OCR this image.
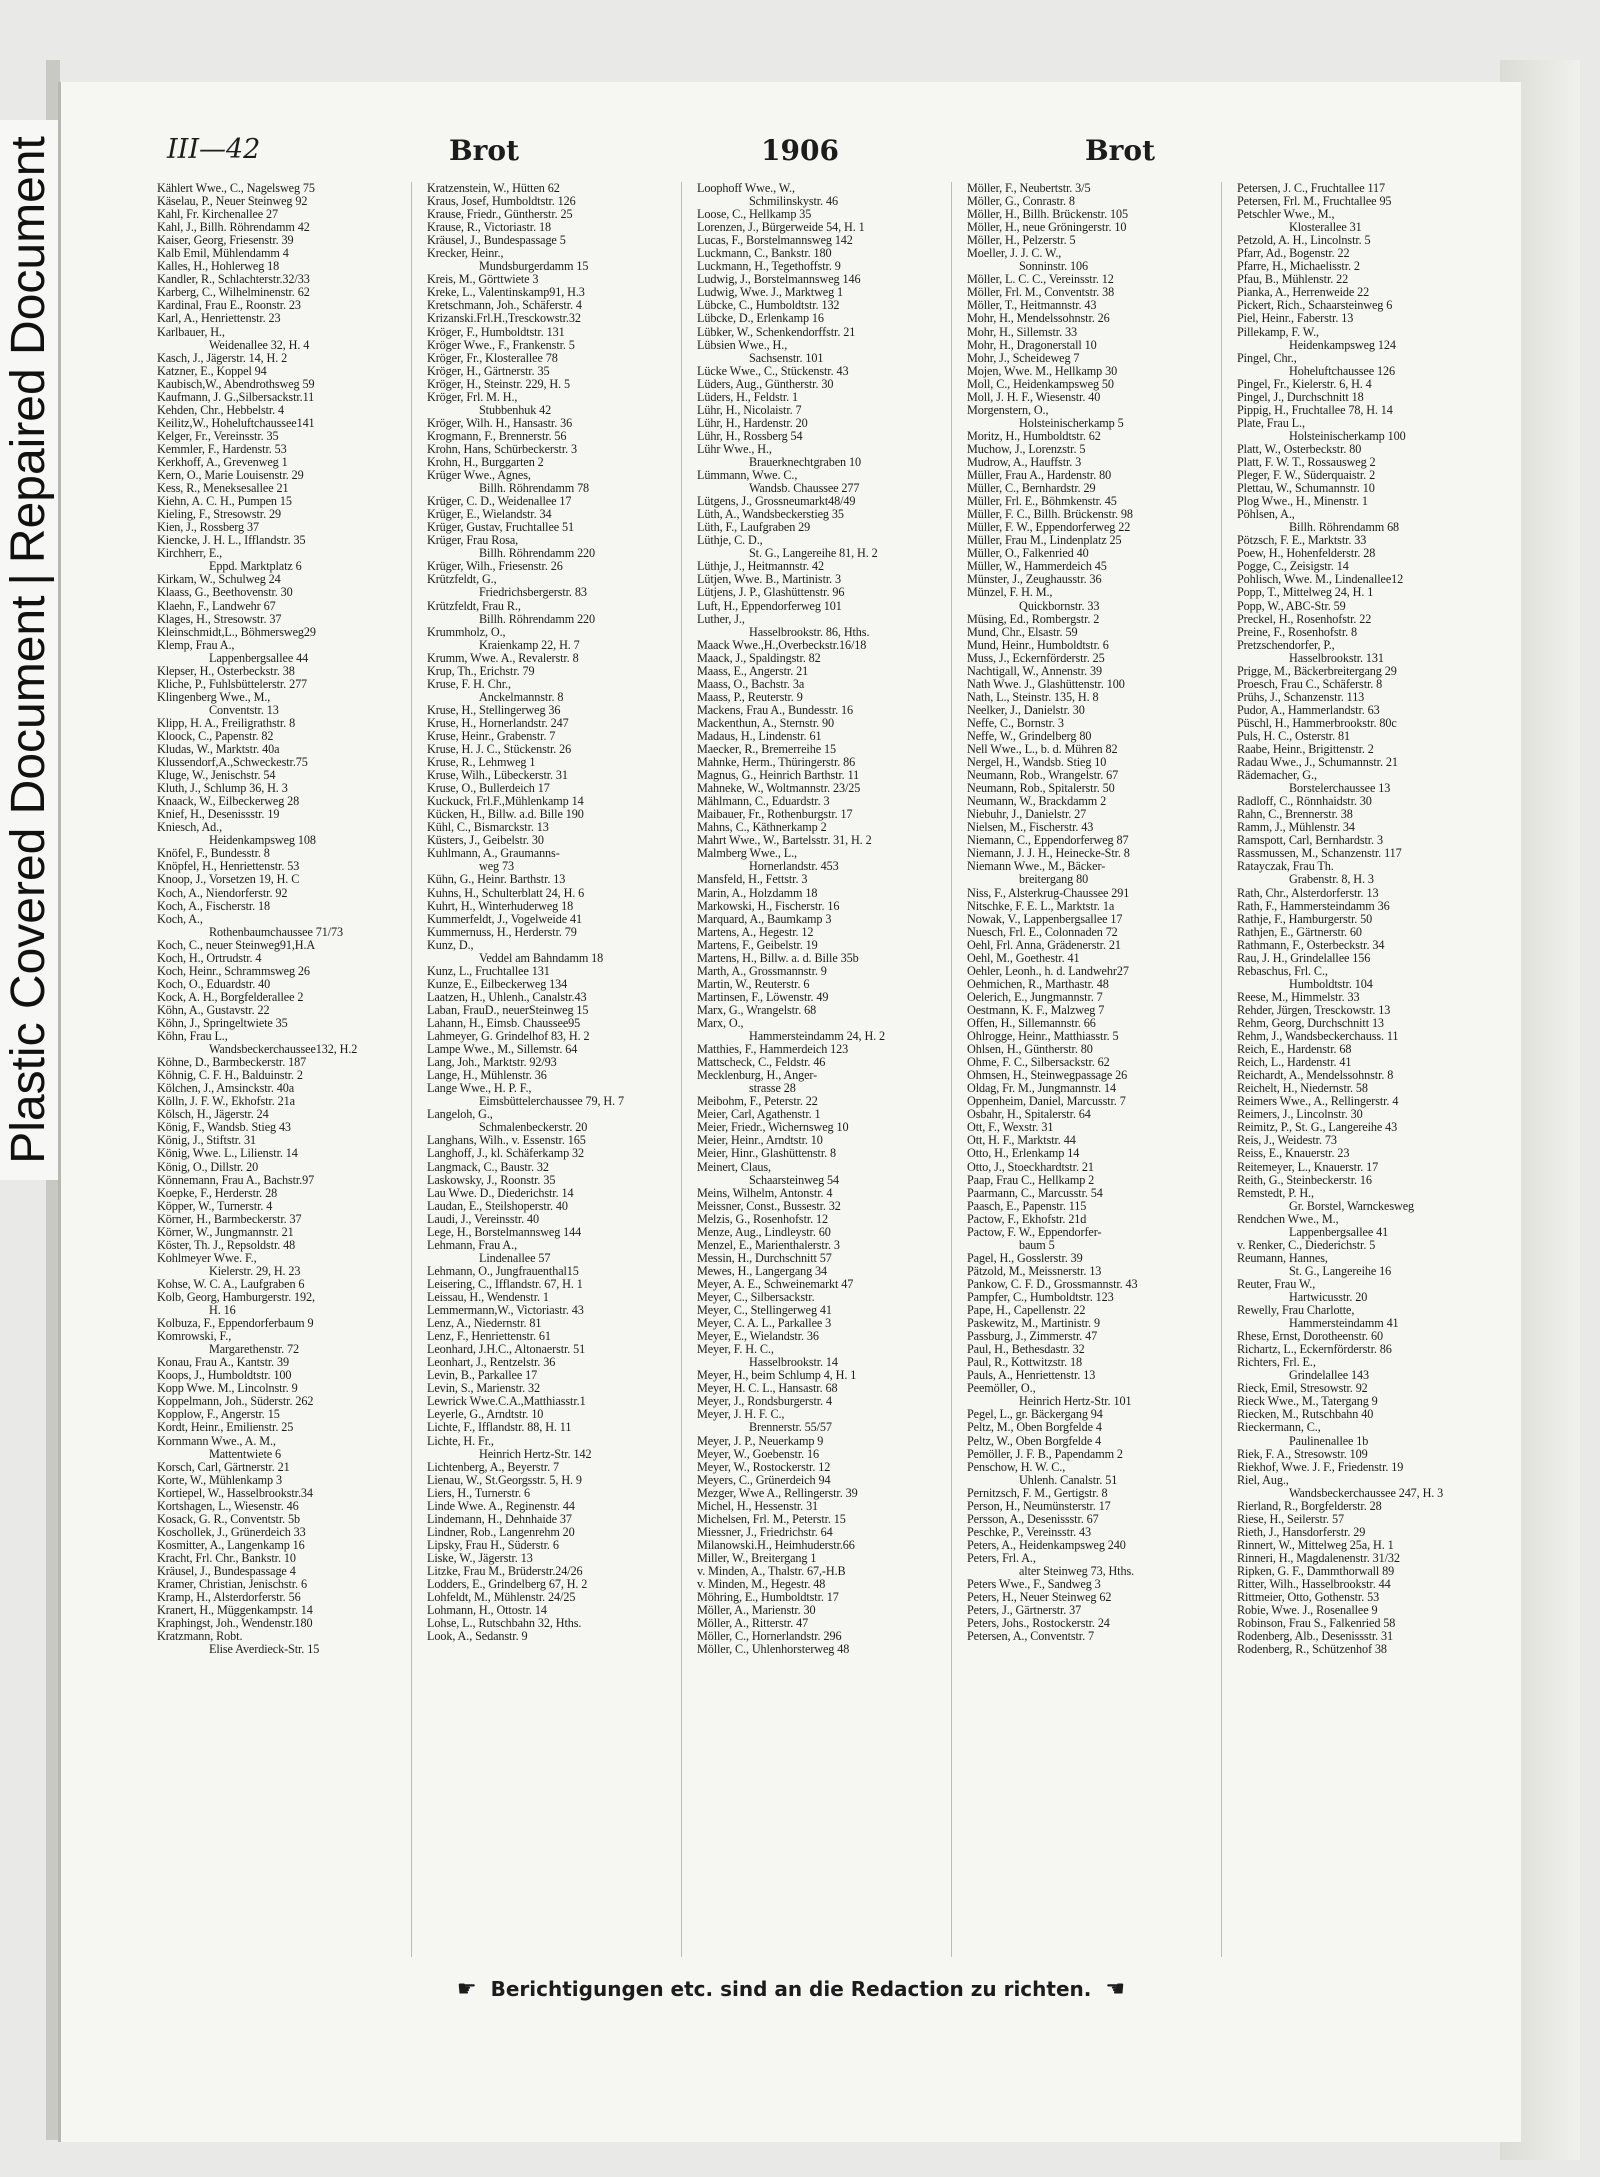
Plastic Covered Document|Repaired Document	III—42	Brot	1906	Brot
Kählert Wwe., C., Nagelsweg 75
Käselau, P., Neuer Steinweg 92
Kahl, Fr. Kirchenallee 27
Kahl, J., Billh. Röhrendamm 42
Kaiser, Georg, Friesenstr. 39
Kalb Emil, Mühlendamm 4
Kalles, H., Hohlerweg 18
Kandler, R., Schlachterstr.32/33
Karberg, C., Wilhelminenstr. 62
Kardinal, Frau E., Roonstr. 23
Karl, A., Henriettenstr. 23
Karlbauer, H.,
Weidenallee 32, H. 4
Kasch, J., Jägerstr. 14, H. 2
Katzner, E., Koppel 94
Kaubisch,W., Abendrothsweg 59
Kaufmann, J. G.,Silbersackstr.11
Kehden, Chr., Hebbelstr. 4
Keilitz,W., Hoheluftchaussee141
Kelger, Fr., Vereinsstr. 35
Kemmler, F., Hardenstr. 53
Kerkhoff, A., Grevenweg 1
Kern, O., Marie Louisenstr. 29
Kess, R., Meneksesallee 21
Kiehn, A. C. H., Pumpen 15
Kieling, F., Stresowstr. 29
Kien, J., Rossberg 37
Kiencke, J. H. L., Ifflandstr. 35
Kirchherr, E.,
Eppd. Marktplatz 6
Kirkam, W., Schulweg 24
Klaass, G., Beethovenstr. 30
Klaehn, F., Landwehr 67
Klages, H., Stresowstr. 37
Kleinschmidt,L., Böhmersweg29
Klemp, Frau A.,
Lappenbergsallee 44
Klepser, H., Osterbeckstr. 38
Kliche, P., Fuhlsbüttelerstr. 277
Klingenberg Wwe., M.,
Conventstr. 13
Klipp, H. A., Freiligrathstr. 8
Kloock, C., Papenstr. 82
Kludas, W., Marktstr. 40a
Klussendorf,A.,Schweckestr.75
Kluge, W., Jenischstr. 54
Kluth, J., Schlump 36, H. 3
Knaack, W., Eilbeckerweg 28
Knief, H., Desenissstr. 19
Kniesch, Ad.,
Heidenkampsweg 108
Knöfel, F., Bundesstr. 8
Knöpfel, H., Henriettenstr. 53
Knoop, J., Vorsetzen 19, H. C
Koch, A., Niendorferstr. 92
Koch, A., Fischerstr. 18
Koch, A.,
Rothenbaumchaussee 71/73
Koch, C., neuer Steinweg91,H.A
Koch, H., Ortrudstr. 4
Koch, Heinr., Schrammsweg 26
Koch, O., Eduardstr. 40
Kock, A. H., Borgfelderallee 2
Köhn, A., Gustavstr. 22
Köhn, J., Springeltwiete 35
Köhn, Frau L.,
Wandsbeckerchaussee132, H.2
Köhne, D., Barmbeckerstr. 187
Köhnig, C. F. H., Balduinstr. 2
Kölchen, J., Amsinckstr. 40a
Kölln, J. F. W., Ekhofstr. 21a
Kölsch, H., Jägerstr. 24
König, F., Wandsb. Stieg 43
König, J., Stiftstr. 31
König, Wwe. L., Lilienstr. 14
König, O., Dillstr. 20
Könnemann, Frau A., Bachstr.97
Koepke, F., Herderstr. 28
Köpper, W., Turnerstr. 4
Körner, H., Barmbeckerstr. 37
Körner, W., Jungmannstr. 21
Köster, Th. J., Repsoldstr. 48
Kohlmeyer Wwe. F.,
Kielerstr. 29, H. 23
Kohse, W. C. A., Laufgraben 6
Kolb, Georg, Hamburgerstr. 192,
H. 16
Kolbuza, F., Eppendorferbaum 9
Komrowski, F.,
Margarethenstr. 72
Konau, Frau A., Kantstr. 39
Koops, J., Humboldtstr. 100
Kopp Wwe. M., Lincolnstr. 9
Koppelmann, Joh., Süderstr. 262
Kopplow, F., Angerstr. 15
Kordt, Heinr., Emilienstr. 25
Kornmann Wwe., A. M.,
Mattentwiete 6
Korsch, Carl, Gärtnerstr. 21
Korte, W., Mühlenkamp 3
Kortiepel, W., Hasselbrookstr.34
Kortshagen, L., Wiesenstr. 46
Kosack, G. R., Conventstr. 5b
Koschollek, J., Grünerdeich 33
Kosmitter, A., Langenkamp 16
Kracht, Frl. Chr., Bankstr. 10
Kräusel, J., Bundespassage 4
Kramer, Christian, Jenischstr. 6
Kramp, H., Alsterdorferstr. 56
Kranert, H., Müggenkampstr. 14
Kraphingst, Joh., Wendenstr.180
Kratzmann, Robt.
Elise Averdieck-Str. 15
Kratzenstein, W., Hütten 62
Kraus, Josef, Humboldtstr. 126
Krause, Friedr., Güntherstr. 25
Krause, R., Victoriastr. 18
Kräusel, J., Bundespassage 5
Krecker, Heinr.,
Mundsburgerdamm 15
Kreis, M., Görttwiete 3
Kreke, L., Valentinskamp91, H.3
Kretschmann, Joh., Schäferstr. 4
Krizanski.Frl.H.,Tresckowstr.32
Kröger, F., Humboldtstr. 131
Kröger Wwe., F., Frankenstr. 5
Kröger, Fr., Klosterallee 78
Kröger, H., Gärtnerstr. 35
Kröger, H., Steinstr. 229, H. 5
Kröger, Frl. M. H.,
Stubbenhuk 42
Kröger, Wilh. H., Hansastr. 36
Krogmann, F., Brennerstr. 56
Krohn, Hans, Schürbeckerstr. 3
Krohn, H., Burggarten 2
Krüger Wwe., Agnes,
Billh. Röhrendamm 78
Krüger, C. D., Weidenallee 17
Krüger, E., Wielandstr. 34
Krüger, Gustav, Fruchtallee 51
Krüger, Frau Rosa,
Billh. Röhrendamm 220
Krüger, Wilh., Friesenstr. 26
Krützfeldt, G.,
Friedrichsbergerstr. 83
Krützfeldt, Frau R.,
Billh. Röhrendamm 220
Krummholz, O.,
Kraienkamp 22, H. 7
Krumm, Wwe. A., Revalerstr. 8
Krup, Th., Erichstr. 79
Kruse, F. H. Chr.,
Anckelmannstr. 8
Kruse, H., Stellingerweg 36
Kruse, H., Hornerlandstr. 247
Kruse, Heinr., Grabenstr. 7
Kruse, H. J. C., Stückenstr. 26
Kruse, R., Lehmweg 1
Kruse, Wilh., Lübeckerstr. 31
Kruse, O., Bullerdeich 17
Kuckuck, Frl.F.,Mühlenkamp 14
Kücken, H., Billw. a.d. Bille 190
Kühl, C., Bismarckstr. 13
Küsters, J., Geibelstr. 30
Kuhlmann, A., Graumanns-
weg 73
Kühn, G., Heinr. Barthstr. 13
Kuhns, H., Schulterblatt 24, H. 6
Kuhrt, H., Winterhuderweg 18
Kummerfeldt, J., Vogelweide 41
Kummernuss, H., Herderstr. 79
Kunz, D.,
Veddel am Bahndamm 18
Kunz, L., Fruchtallee 131
Kunze, E., Eilbeckerweg 134
Laatzen, H., Uhlenh., Canalstr.43
Laban, FrauD., neuerSteinweg 15
Lahann, H., Eimsb. Chaussee95
Lahmeyer, G. Grindelhof 83, H. 2
Lampe Wwe., M., Sillemstr. 64
Lang, Joh., Marktstr. 92/93
Lange, H., Mühlenstr. 36
Lange Wwe., H. P. F.,
Eimsbüttelerchaussee 79, H. 7
Langeloh, G.,
Schmalenbeckerstr. 20
Langhans, Wilh., v. Essenstr. 165
Langhoff, J., kl. Schäferkamp 32
Langmack, C., Baustr. 32
Laskowsky, J., Roonstr. 35
Lau Wwe. D., Diederichstr. 14
Laudan, E., Steilshoperstr. 40
Laudi, J., Vereinsstr. 40
Lege, H., Borstelmannsweg 144
Lehmann, Frau A.,
Lindenallee 57
Lehmann, O., Jungfrauenthal15
Leisering, C., Ifflandstr. 67, H. 1
Leissau, H., Wendenstr. 1
Lemmermann,W., Victoriastr. 43
Lenz, A., Niedernstr. 81
Lenz, F., Henriettenstr. 61
Leonhard, J.H.C., Altonaerstr. 51
Leonhart, J., Rentzelstr. 36
Levin, B., Parkallee 17
Levin, S., Marienstr. 32
Lewrick Wwe.C.A.,Matthiasstr.1
Leyerle, G., Arndtstr. 10
Lichte, F., Ifflandstr. 88, H. 11
Lichte, H. Fr.,
Heinrich Hertz-Str. 142
Lichtenberg, A., Beyerstr. 7
Lienau, W., St.Georgsstr. 5, H. 9
Liers, H., Turnerstr. 6
Linde Wwe. A., Reginenstr. 44
Lindemann, H., Dehnhaide 37
Lindner, Rob., Langenrehm 20
Lipsky, Frau H., Süderstr. 6
Liske, W., Jägerstr. 13
Litzke, Frau M., Brüderstr.24/26
Lodders, E., Grindelberg 67, H. 2
Lohfeldt, M., Mühlenstr. 24/25
Lohmann, H., Ottostr. 14
Lohse, L., Rutschbahn 32, Hths.
Look, A., Sedanstr. 9
Loophoff Wwe., W.,
Schmilinskystr. 46
Loose, C., Hellkamp 35
Lorenzen, J., Bürgerweide 54, H. 1
Lucas, F., Borstelmannsweg 142
Luckmann, C., Bankstr. 180
Luckmann, H., Tegethoffstr. 9
Ludwig, J., Borstelmannsweg 146
Ludwig, Wwe. J., Marktweg 1
Lübcke, C., Humboldtstr. 132
Lübcke, D., Erlenkamp 16
Lübker, W., Schenkendorffstr. 21
Lübsien Wwe., H.,
Sachsenstr. 101
Lücke Wwe., C., Stückenstr. 43
Lüders, Aug., Güntherstr. 30
Lüders, H., Feldstr. 1
Lühr, H., Nicolaistr. 7
Lühr, H., Hardenstr. 20
Lühr, H., Rossberg 54
Lühr Wwe., H.,
Brauerknechtgraben 10
Lümmann, Wwe. C.,
Wandsb. Chaussee 277
Lütgens, J., Grossneumarkt48/49
Lüth, A., Wandsbeckerstieg 35
Lüth, F., Laufgraben 29
Lüthje, C. D.,
St. G., Langereihe 81, H. 2
Lüthje, J., Heitmannstr. 42
Lütjen, Wwe. B., Martinistr. 3
Lütjens, J. P., Glashüttenstr. 96
Luft, H., Eppendorferweg 101
Luther, J.,
Hasselbrookstr. 86, Hths.
Maack Wwe.,H.,Overbeckstr.16/18
Maack, J., Spaldingstr. 82
Maass, E., Angerstr. 21
Maass, O., Bachstr. 3a
Maass, P., Reuterstr. 9
Mackens, Frau A., Bundesstr. 16
Mackenthun, A., Sternstr. 90
Madaus, H., Lindenstr. 61
Maecker, R., Bremerreihe 15
Mahnke, Herm., Thüringerstr. 86
Magnus, G., Heinrich Barthstr. 11
Mahneke, W., Woltmannstr. 23/25
Mählmann, C., Eduardstr. 3
Maibauer, Fr., Rothenburgstr. 17
Mahns, C., Käthnerkamp 2
Mahrt Wwe., W., Bartelsstr. 31, H. 2
Malmberg Wwe., L.,
Hornerlandstr. 453
Mansfeld, H., Fettstr. 3
Marin, A., Holzdamm 18
Markowski, H., Fischerstr. 16
Marquard, A., Baumkamp 3
Martens, A., Hegestr. 12
Martens, F., Geibelstr. 19
Martens, H., Billw. a. d. Bille 35b
Marth, A., Grossmannstr. 9
Martin, W., Reuterstr. 6
Martinsen, F., Löwenstr. 49
Marx, G., Wrangelstr. 68
Marx, O.,
Hammersteindamm 24, H. 2
Matthies, F., Hammerdeich 123
Mattscheck, C., Feldstr. 46
Mecklenburg, H., Anger-
strasse 28
Meibohm, F., Peterstr. 22
Meier, Carl, Agathenstr. 1
Meier, Friedr., Wichernsweg 10
Meier, Heinr., Arndtstr. 10
Meier, Hinr., Glashüttenstr. 8
Meinert, Claus,
Schaarsteinweg 54
Meins, Wilhelm, Antonstr. 4
Meissner, Const., Bussestr. 32
Melzis, G., Rosenhofstr. 12
Menze, Aug., Lindleystr. 60
Menzel, E., Marienthalerstr. 3
Messin, H., Durchschnitt 57
Mewes, H., Langergang 34
Meyer, A. E., Schweinemarkt 47
Meyer, C., Silbersackstr.
Meyer, C., Stellingerweg 41
Meyer, C. A. L., Parkallee 3
Meyer, E., Wielandstr. 36
Meyer, F. H. C.,
Hasselbrookstr. 14
Meyer, H., beim Schlump 4, H. 1
Meyer, H. C. L., Hansastr. 68
Meyer, J., Rondsburgerstr. 4
Meyer, J. H. F. C.,
Brennerstr. 55/57
Meyer, J. P., Neuerkamp 9
Meyer, W., Goebenstr. 16
Meyer, W., Rostockerstr. 12
Meyers, C., Grünerdeich 94
Mezger, Wwe A., Rellingerstr. 39
Michel, H., Hessenstr. 31
Michelsen, Frl. M., Peterstr. 15
Miessner, J., Friedrichstr. 64
Milanowski.H., Heimhuderstr.66
Miller, W., Breitergang 1
v. Minden, A., Thalstr. 67,-H.B
v. Minden, M., Hegestr. 48
Möhring, E., Humboldtstr. 17
Möller, A., Marienstr. 30
Möller, A., Ritterstr. 47
Möller, C., Hornerlandstr. 296
Möller, C., Uhlenhorsterweg 48
Möller, F., Neubertstr. 3/5
Möller, G., Conrastr. 8
Möller, H., Billh. Brückenstr. 105
Möller, H., neue Gröningerstr. 10
Möller, H., Pelzerstr. 5
Moeller, J. J. C. W.,
Sonninstr. 106
Möller, L. C. C., Vereinsstr. 12
Möller, Frl. M., Conventstr. 38
Möller, T., Heitmannstr. 43
Mohr, H., Mendelssohnstr. 26
Mohr, H., Sillemstr. 33
Mohr, H., Dragonerstall 10
Mohr, J., Scheideweg 7
Mojen, Wwe. M., Hellkamp 30
Moll, C., Heidenkampsweg 50
Moll, J. H. F., Wiesenstr. 40
Morgenstern, O.,
Holsteinischerkamp 5
Moritz, H., Humboldtstr. 62
Muchow, J., Lorenzstr. 5
Mudrow, A., Hauffstr. 3
Müller, Frau A., Hardenstr. 80
Müller, C., Bernhardstr. 29
Müller, Frl. E., Böhmkenstr. 45
Müller, F. C., Billh. Brückenstr. 98
Müller, F. W., Eppendorferweg 22
Müller, Frau M., Lindenplatz 25
Müller, O., Falkenried 40
Müller, W., Hammerdeich 45
Münster, J., Zeughausstr. 36
Münzel, F. H. M.,
Quickbornstr. 33
Müsing, Ed., Rombergstr. 2
Mund, Chr., Elsastr. 59
Mund, Heinr., Humboldtstr. 6
Muss, J., Eckernförderstr. 25
Nachtigall, W., Annenstr. 39
Nath Wwe. J., Glashüttenstr. 100
Nath, L., Steinstr. 135, H. 8
Neelker, J., Danielstr. 30
Neffe, C., Bornstr. 3
Neffe, W., Grindelberg 80
Nell Wwe., L., b. d. Mühren 82
Nergel, H., Wandsb. Stieg 10
Neumann, Rob., Wrangelstr. 67
Neumann, Rob., Spitalerstr. 50
Neumann, W., Brackdamm 2
Niebuhr, J., Danielstr. 27
Nielsen, M., Fischerstr. 43
Niemann, C., Eppendorferweg 87
Niemann, J. J. H., Heinecke-Str. 8
Niemann Wwe., M., Bäcker-
breitergang 80
Niss, F., Alsterkrug-Chaussee 291
Nitschke, F. E. L., Marktstr. 1a
Nowak, V., Lappenbergsallee 17
Nuesch, Frl. E., Colonnaden 72
Oehl, Frl. Anna, Grädenerstr. 21
Oehl, M., Goethestr. 41
Oehler, Leonh., h. d. Landwehr27
Oehmichen, R., Marthastr. 48
Oelerich, E., Jungmannstr. 7
Oestmann, K. F., Malzweg 7
Offen, H., Sillemannstr. 66
Ohlrogge, Heinr., Matthiasstr. 5
Ohlsen, H., Güntherstr. 80
Ohme, F. C., Silbersackstr. 62
Ohmsen, H., Steinwegpassage 26
Oldag, Fr. M., Jungmannstr. 14
Oppenheim, Daniel, Marcusstr. 7
Osbahr, H., Spitalerstr. 64
Ott, F., Wexstr. 31
Ott, H. F., Marktstr. 44
Otto, H., Erlenkamp 14
Otto, J., Stoeckhardtstr. 21
Paap, Frau C., Hellkamp 2
Paarmann, C., Marcusstr. 54
Paasch, E., Papenstr. 115
Pactow, F., Ekhofstr. 21d
Pactow, F. W., Eppendorfer-
baum 5
Pagel, H., Gosslerstr. 39
Pätzold, M., Meissnerstr. 13
Pankow, C. F. D., Grossmannstr. 43
Pampfer, C., Humboldtstr. 123
Pape, H., Capellenstr. 22
Paskewitz, M., Martinistr. 9
Passburg, J., Zimmerstr. 47
Paul, H., Bethesdastr. 32
Paul, R., Kottwitzstr. 18
Pauls, A., Henriettenstr. 13
Peemöller, O.,
Heinrich Hertz-Str. 101
Pegel, L., gr. Bäckergang 94
Peltz, M., Oben Borgfelde 4
Peltz, W., Oben Borgfelde 4
Pemöller, J. F. B., Papendamm 2
Penschow, H. W. C.,
Uhlenh. Canalstr. 51
Pernitzsch, F. M., Gertigstr. 8
Person, H., Neumünsterstr. 17
Persson, A., Desenissstr. 67
Peschke, P., Vereinsstr. 43
Peters, A., Heidenkampsweg 240
Peters, Frl. A.,
alter Steinweg 73, Hths.
Peters Wwe., F., Sandweg 3
Peters, H., Neuer Steinweg 62
Peters, J., Gärtnerstr. 37
Peters, Johs., Rostockerstr. 24
Petersen, A., Conventstr. 7
Petersen, J. C., Fruchtallee 117
Petersen, Frl. M., Fruchtallee 95
Petschler Wwe., M.,
Klosterallee 31
Petzold, A. H., Lincolnstr. 5
Pfarr, Ad., Bogenstr. 22
Pfarre, H., Michaelisstr. 2
Pfau, B., Mühlenstr. 22
Pianka, A., Herrenweide 22
Pickert, Rich., Schaarsteinweg 6
Piel, Heinr., Faberstr. 13
Pillekamp, F. W.,
Heidenkampsweg 124
Pingel, Chr.,
Hoheluftchaussee 126
Pingel, Fr., Kielerstr. 6, H. 4
Pingel, J., Durchschnitt 18
Pippig, H., Fruchtallee 78, H. 14
Plate, Frau L.,
Holsteinischerkamp 100
Platt, W., Osterbeckstr. 80
Platt, F. W. T., Rossausweg 2
Pleger, F. W., Süderquaistr. 2
Plettau, W., Schumannstr. 10
Plog Wwe., H., Minenstr. 1
Pöhlsen, A.,
Billh. Röhrendamm 68
Pötzsch, F. E., Marktstr. 33
Poew, H., Hohenfelderstr. 28
Pogge, C., Zeisigstr. 14
Pohlisch, Wwe. M., Lindenallee12
Popp, T., Mittelweg 24, H. 1
Popp, W., ABC-Str. 59
Preckel, H., Rosenhofstr. 22
Preine, F., Rosenhofstr. 8
Pretzschendorfer, P.,
Hasselbrookstr. 131
Prigge, M., Bäckerbreitergang 29
Proesch, Frau C., Schäferstr. 8
Prühs, J., Schanzenstr. 113
Pudor, A., Hammerlandstr. 63
Püschl, H., Hammerbrookstr. 80c
Puls, H. C., Osterstr. 81
Raabe, Heinr., Brigittenstr. 2
Radau Wwe., J., Schumannstr. 21
Rädemacher, G.,
Borstelerchaussee 13
Radloff, C., Rönnhaidstr. 30
Rahn, C., Brennerstr. 38
Ramm, J., Mühlenstr. 34
Ramspott, Carl, Bernhardstr. 3
Rassmussen, M., Schanzenstr. 117
Ratayczak, Frau Th.
Grabenstr. 8, H. 3
Rath, Chr., Alsterdorferstr. 13
Rath, F., Hammersteindamm 36
Rathje, F., Hamburgerstr. 50
Rathjen, E., Gärtnerstr. 60
Rathmann, F., Osterbeckstr. 34
Rau, J. H., Grindelallee 156
Rebaschus, Frl. C.,
Humboldtstr. 104
Reese, M., Himmelstr. 33
Rehder, Jürgen, Tresckowstr. 13
Rehm, Georg, Durchschnitt 13
Rehm, J., Wandsbeckerchauss. 11
Reich, E., Hardenstr. 68
Reich, L., Hardenstr. 41
Reichardt, A., Mendelssohnstr. 8
Reichelt, H., Niedernstr. 58
Reimers Wwe., A., Rellingerstr. 4
Reimers, J., Lincolnstr. 30
Reimitz, P., St. G., Langereihe 43
Reis, J., Weidestr. 73
Reiss, E., Knauerstr. 23
Reitemeyer, L., Knauerstr. 17
Reith, G., Steinbeckerstr. 16
Remstedt, P. H.,
Gr. Borstel, Warnckesweg
Rendchen Wwe., M.,
Lappenbergsallee 41
v. Renker, C., Diederichstr. 5
Reumann, Hannes,
St. G., Langereihe 16
Reuter, Frau W.,
Hartwicusstr. 20
Rewelly, Frau Charlotte,
Hammersteindamm 41
Rhese, Ernst, Dorotheenstr. 60
Richartz, L., Eckernförderstr. 86
Richters, Frl. E.,
Grindelallee 143
Rieck, Emil, Stresowstr. 92
Rieck Wwe., M., Tatergang 9
Riecken, M., Rutschbahn 40
Rieckermann, C.,
Paulinenallee 1b
Riek, F. A., Stresowstr. 109
Riekhof, Wwe. J. F., Friedenstr. 19
Riel, Aug.,
Wandsbeckerchaussee 247, H. 3
Rierland, R., Borgfelderstr. 28
Riese, H., Seilerstr. 57
Rieth, J., Hansdorferstr. 29
Rinnert, W., Mittelweg 25a, H. 1
Rinneri, H., Magdalenenstr. 31/32
Ripken, G. F., Dammthorwall 89
Ritter, Wilh., Hasselbrookstr. 44
Rittmeier, Otto, Gothenstr. 53
Robie, Wwe. J., Rosenallee 9
Robinson, Frau S., Falkenried 58
Rodenberg, Alb., Desenissstr. 31
Rodenberg, R., Schützenhof 38
☛ Berichtigungen etc. sind an die Redaction zu richten. ☚
